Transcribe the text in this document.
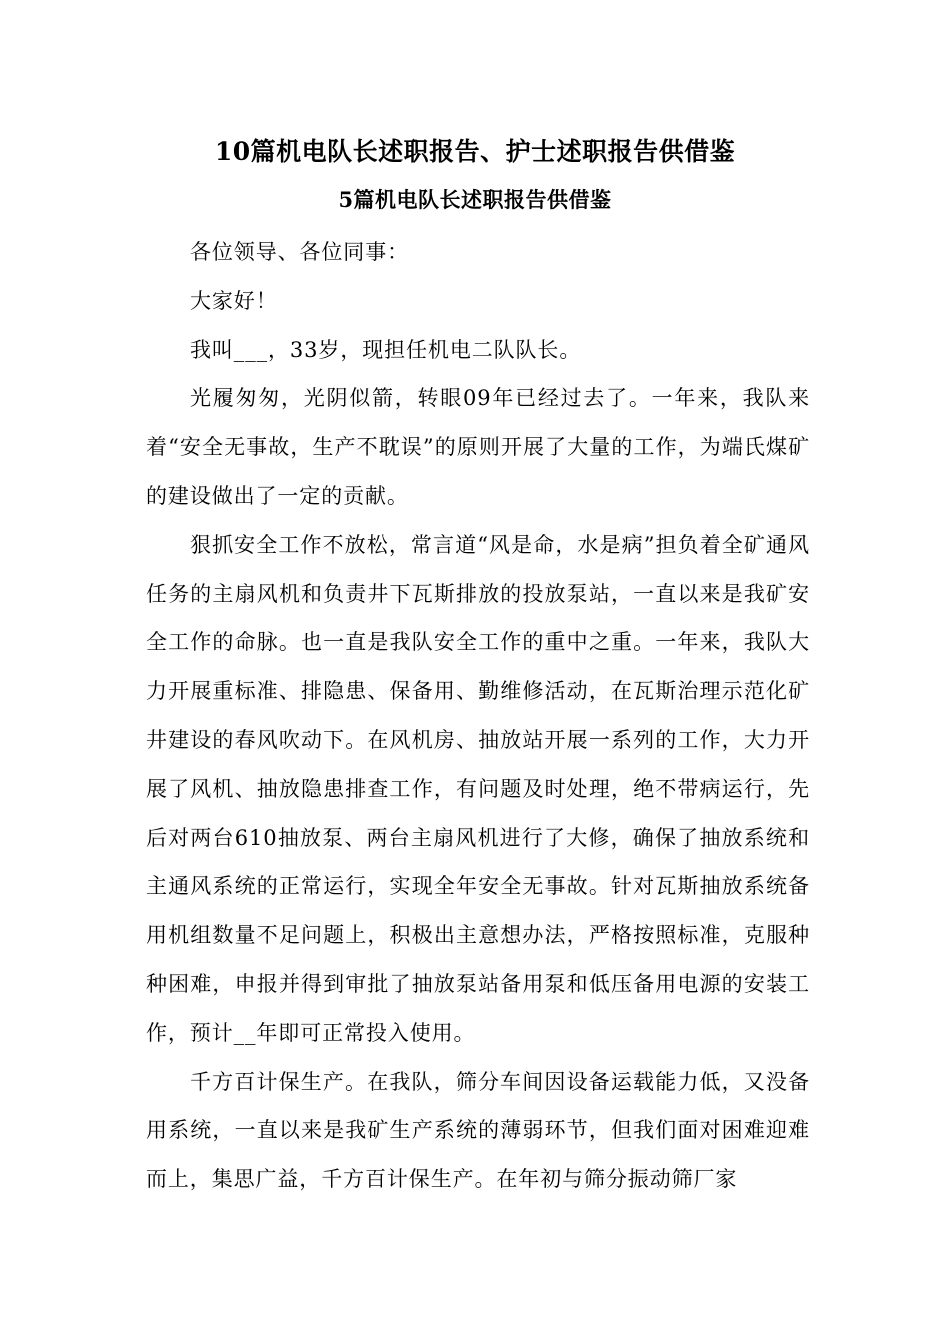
10篇机电队长述职报告、护士述职报告供借鉴
5篇机电队长述职报告供借鉴

各位领导、各位同事：

大家好！

我叫___，33岁，现担任机电二队队长。

光履匆匆，光阴似箭，转眼09年已经过去了。一年来，我队来着“安全无事故，生产不耽误”的原则开展了大量的工作，为端氏煤矿的建设做出了一定的贡献。

狠抓安全工作不放松，常言道“风是命，水是病”担负着全矿通风任务的主扇风机和负责井下瓦斯排放的投放泵站，一直以来是我矿安全工作的命脉。也一直是我队安全工作的重中之重。一年来，我队大力开展重标准、排隐患、保备用、勤维修活动，在瓦斯治理示范化矿井建设的春风吹动下。在风机房、抽放站开展一系列的工作，大力开展了风机、抽放隐患排查工作，有问题及时处理，绝不带病运行，先后对两台610抽放泵、两台主扇风机进行了大修，确保了抽放系统和主通风系统的正常运行，实现全年安全无事故。针对瓦斯抽放系统备用机组数量不足问题上，积极出主意想办法，严格按照标准，克服种种困难，申报并得到审批了抽放泵站备用泵和低压备用电源的安装工作，预计__年即可正常投入使用。

千方百计保生产。在我队，筛分车间因设备运载能力低，又没备用系统，一直以来是我矿生产系统的薄弱环节，但我们面对困难迎难而上，集思广益，千方百计保生产。在年初与筛分振动筛厂家
